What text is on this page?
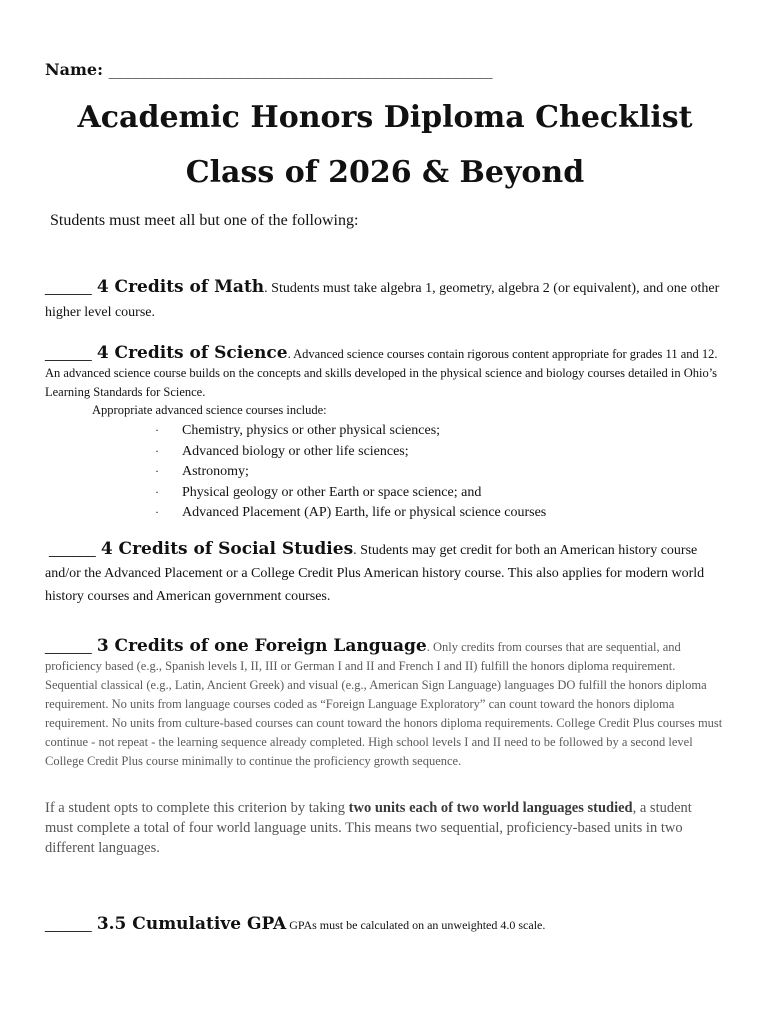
Name: ________________________________________________
Academic Honors Diploma Checklist
Class of 2026 & Beyond
Students must meet all but one of the following:
______ 4 Credits of Math. Students must take algebra 1, geometry, algebra 2 (or equivalent), and one other higher level course.
______ 4 Credits of Science. Advanced science courses contain rigorous content appropriate for grades 11 and 12. An advanced science course builds on the concepts and skills developed in the physical science and biology courses detailed in Ohio’s Learning Standards for Science.
Appropriate advanced science courses include:
· Chemistry, physics or other physical sciences;
· Advanced biology or other life sciences;
· Astronomy;
· Physical geology or other Earth or space science; and
· Advanced Placement (AP) Earth, life or physical science courses
______ 4 Credits of Social Studies. Students may get credit for both an American history course and/or the Advanced Placement or a College Credit Plus American history course. This also applies for modern world history courses and American government courses.
______ 3 Credits of one Foreign Language. Only credits from courses that are sequential, and proficiency based (e.g., Spanish levels I, II, III or German I and II and French I and II) fulfill the honors diploma requirement. Sequential classical (e.g., Latin, Ancient Greek) and visual (e.g., American Sign Language) languages DO fulfill the honors diploma requirement. No units from language courses coded as “Foreign Language Exploratory” can count toward the honors diploma requirement. No units from culture-based courses can count toward the honors diploma requirements. College Credit Plus courses must continue - not repeat - the learning sequence already completed. High school levels I and II need to be followed by a second level College Credit Plus course minimally to continue the proficiency growth sequence.
If a student opts to complete this criterion by taking two units each of two world languages studied, a student must complete a total of four world language units. This means two sequential, proficiency-based units in two different languages.
______ 3.5 Cumulative GPA GPAs must be calculated on an unweighted 4.0 scale.
